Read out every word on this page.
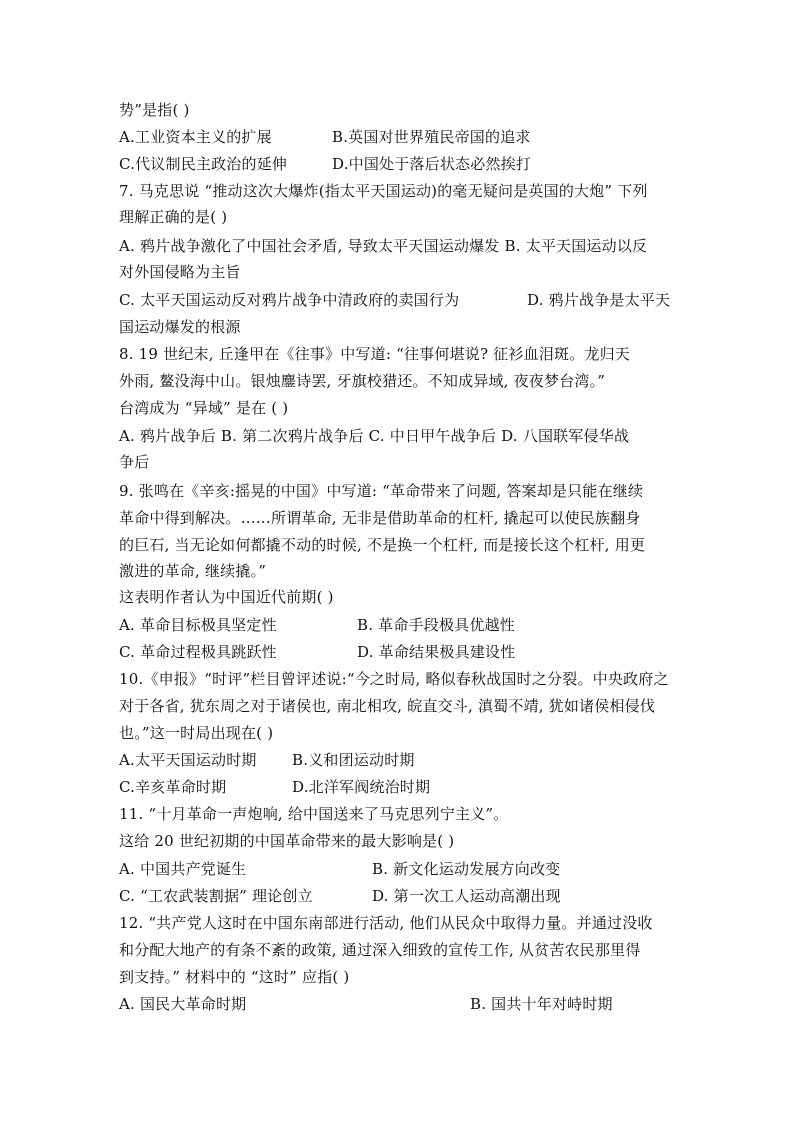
势”是指( )
A.工业资本主义的扩展	B.英国对世界殖民帝国的追求
C.代议制民主政治的延伸	D.中国处于落后状态必然挨打
7. 马克思说 “推动这次大爆炸(指太平天国运动)的毫无疑问是英国的大炮” 下列
理解正确的是( )
A. 鸦片战争激化了中国社会矛盾, 导致太平天国运动爆发 B. 太平天国运动以反
对外国侵略为主旨
C. 太平天国运动反对鸦片战争中清政府的卖国行为	D. 鸦片战争是太平天
国运动爆发的根源
8. 19 世纪末, 丘逢甲在《往事》中写道: “往事何堪说? 征衫血泪斑。龙归天
外雨, 鳌没海中山。银烛鏖诗罢, 牙旗校猎还。不知成异域, 夜夜梦台湾。”
台湾成为 “异域” 是在 ( )
A. 鸦片战争后 B. 第二次鸦片战争后 C. 中日甲午战争后 D. 八国联军侵华战
争后
9. 张鸣在《辛亥:摇晃的中国》中写道: “革命带来了问题, 答案却是只能在继续
革命中得到解决。……所谓革命, 无非是借助革命的杠杆, 撬起可以使民族翻身
的巨石, 当无论如何都撬不动的时候, 不是换一个杠杆, 而是接长这个杠杆, 用更
激进的革命, 继续撬。”
这表明作者认为中国近代前期( )
A. 革命目标极具坚定性	B. 革命手段极具优越性
C. 革命过程极具跳跃性	D. 革命结果极具建设性
10.《申报》“时评”栏目曾评述说:“今之时局, 略似春秋战国时之分裂。中央政府之
对于各省, 犹东周之对于诸侯也, 南北相攻, 皖直交斗, 滇蜀不靖, 犹如诸侯相侵伐
也。”这一时局出现在( )
A.太平天国运动时期 B.义和团运动时期
C.辛亥革命时期	D.北洋军阀统治时期
11. “十月革命一声炮响, 给中国送来了马克思列宁主义”。
这给 20 世纪初期的中国革命带来的最大影响是( )
A. 中国共产党诞生	B. 新文化运动发展方向改变
C. “工农武装割据” 理论创立	D. 第一次工人运动高潮出现
12. “共产党人这时在中国东南部进行活动, 他们从民众中取得力量。并通过没收
和分配大地产的有条不紊的政策, 通过深入细致的宣传工作, 从贫苦农民那里得
到支持。” 材料中的 “这时” 应指( )
A. 国民大革命时期	B. 国共十年对峙时期
